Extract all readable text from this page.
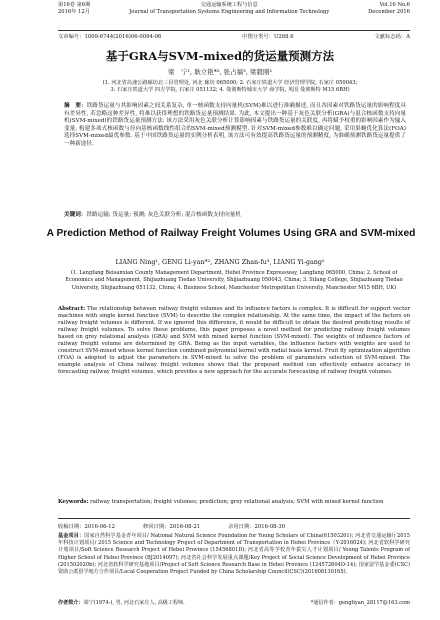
第16卷 第6期
2016年 12月
交通运输系统工程与信息
Journal of Transportation Systems Engineering and Information Technology
Vol.16 No.6
December 2016
文章编号：1009-6744(2016)06-0094-06	中图分类号：U268.6	文献标志码：A
基于GRA与SVM-mixed的货运量预测方法
梁　宁¹, 耿立艳*², 张占福³, 梁毅刚²
(1. 河北省高速公路廊坊北三县管理处, 河北 廊坊 065000; 2. 石家庄铁道大学 经济管理学院, 石家庄 050043;
3. 石家庄铁道大学 四方学院, 石家庄 051132; 4. 曼彻斯特城市大学 商学院, 英国 曼彻斯特 M15 6BH)
摘　要：铁路货运量与其影响因素之间关系复杂, 单一核函数支持向量机(SVM)难以进行准确描述, 而且各因素对铁路货运量的影响程度具有差异性, 若忽略这种差异性, 将难以获得理想的铁路货运量预测结果. 为此, 本文提出一种基于灰色关联分析(GRA)与混合核函数支持向量机(SVM-mixed)的铁路货运量预测方法. 该方法采用灰色关联分析计算影响因素与铁路货运量的关联度, 再将赋予权重的影响因素作为输入变量, 构建多项式核函数与径向基核函数线性组合的SVM-mixed预测模型. 针对SVM-mixed参数难以确定问题, 采用果蝇优化算法(FOA)选择SVM-mixed最优参数. 基于中国铁路货运量的实例分析表明, 该方法可有效提高铁路货运量的预测精度, 为准确预测铁路货运量提供了一种新途径.
关键词：铁路运输; 货运量; 预测; 灰色关联分析; 混合核函数支持向量机
A Prediction Method of Railway Freight Volumes Using GRA and SVM-mixed
LIANG Ning¹, GENG Li-yan*², ZHANG Zhan-fu³, LIANG Yi-gang²
(1. Langfang Beisanxian County Management Department, Hebei Province Expressway, Langfang 065000, China; 2. School of Economics and Management, Shijiazhuang Tiedao University, Shijiazhuang 050043, China; 3. Sifang College, Shijiazhuang Tiedao University, Shijiazhuang 051132, China; 4. Business School, Manchester Metropolitan University, Manchester M15 6BH, UK)
Abstract: The relationship between railway freight volumes and its influence factors is complex. It is difficult for support vector machines with single kernel function (SVM) to describe the complex relationship. At the same time, the impact of the factors on railway freight volumes is different. If we ignored this difference, it would be difficult to obtain the desired predicting results of railway freight volumes. To solve these problems, this paper proposes a novel method for predicting railway freight volumes based on grey relational analysis (GRA) and SVM with mixed kernel function (SVM-mixed). The weights of influence factors of railway freight volume are determined by GRA. Being as the input variables, the influence factors with weights are used to construct SVM-mixed whose kernel function combined polynomial kernel with radial basis kernel. Fruit fly optimization algorithm (FOA) is adopted to adjust the parameters in SVM-mixed to solve the problem of parameters selection of SVM-mixed. The example analysis of China railway freight volumes shows that the proposed method can effectively enhance accuracy in forecasting railway freight volumes, which provides a new approach for the accurate forecasting of railway freight volumes.
Keywords: railway transportation; freight volumes; prediction; grey relational analysis; SVM with mixed kernel function
收稿日期：2016-06-12	修回日期：2016-08-21	录用日期：2016-08-30
基金项目：国家自然科学基金青年项目/ National Natural Science Foundation for Young Scholars of China(61503261); 河北省交通运输厅2015年科技计划项目/ 2015 Science and Technology Project of Department of Transportation in Hebei Province（Y-2016024); 河北省软科学研究计划项目/Soft Science Research Project of Hebei Province (15456801D); 河北省高等学校青年拔尖人才计划项目/ Young Talents Program of Higher School of Hebei Province (BJ2014097); 河北省社会科学发展重点课题/Key Project of Social Science Development of Hebei Province (201502020b); 河北省软科学研究基地项目/Project of Soft Science Research Base in Hebei Province (124572604D-14); 国家留学基金委(CSC)资助公派留学地方合作项目/Local Cooperation Project Funded by China Scholarship Council(CSC)(201608130165).
作者简介：梁宁(1974-), 男, 河北石家庄人, 高级工程师.	*通信作者：gengliyan_28117@163.com
